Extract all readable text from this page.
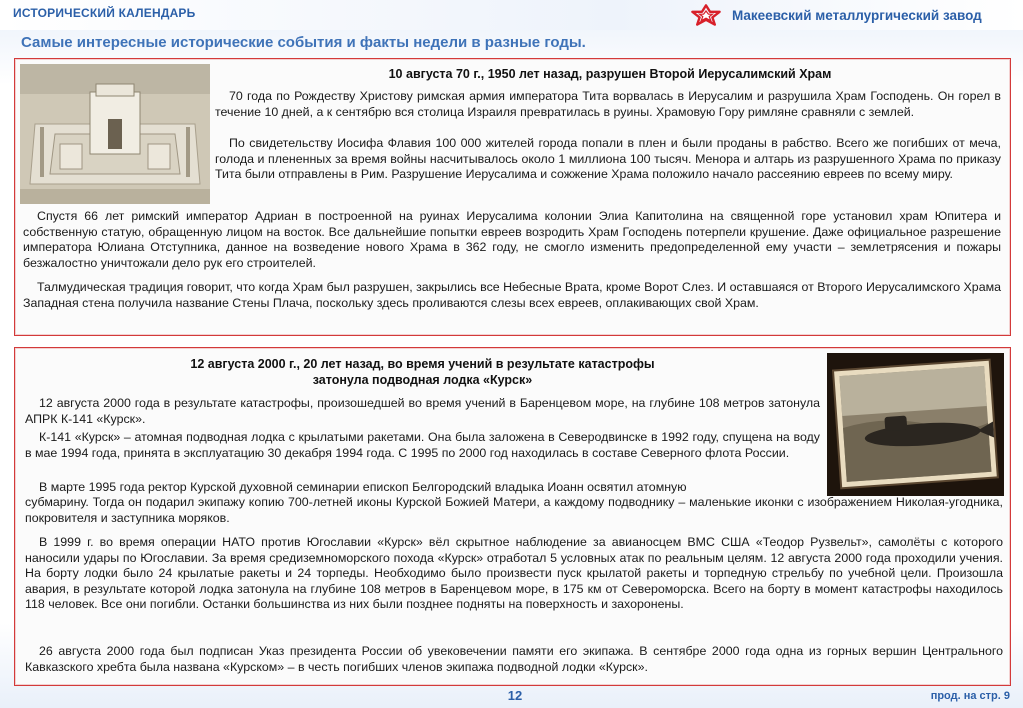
ИСТОРИЧЕСКИЙ КАЛЕНДАРЬ	Макеевский металлургический завод
Самые интересные исторические события и факты недели в разные годы.
10 августа 70 г., 1950 лет назад, разрушен Второй Иерусалимский Храм

70 года по Рождеству Христову римская армия императора Тита ворвалась в Иерусалим и разрушила Храм Господень. Он горел в течение 10 дней, а к сентябрю вся столица Израиля превратилась в руины. Храмовую Гору римляне сравняли с землей.

По свидетельству Иосифа Флавия 100 000 жителей города попали в плен и были проданы в рабство. Всего же погибших от меча, голода и плененных за время войны насчитывалось около 1 миллиона 100 тысяч. Менора и алтарь из разрушенного Храма по приказу Тита были отправлены в Рим. Разрушение Иерусалима и сожжение Храма положило начало рассеянию евреев по всему миру.

Спустя 66 лет римский император Адриан в построенной на руинах Иерусалима колонии Элиа Капитолина на священной горе установил храм Юпитера и собственную статую, обращенную лицом на восток. Все дальнейшие попытки евреев возродить Храм Господень потерпели крушение. Даже официальное разрешение императора Юлиана Отступника, данное на возведение нового Храма в 362 году, не смогло изменить предопределенной ему участи – землетрясения и пожары безжалостно уничтожали дело рук его строителей.

Талмудическая традиция говорит, что когда Храм был разрушен, закрылись все Небесные Врата, кроме Ворот Слез. И оставшаяся от Второго Иерусалимского Храма Западная стена получила название Стены Плача, поскольку здесь проливаются слезы всех евреев, оплакивающих свой Храм.

12 августа 2000 г., 20 лет назад, во время учений в результате катастрофы
затонула подводная лодка «Курск»

12 августа 2000 года в результате катастрофы, произошедшей во время учений в Баренцевом море, на глубине 108 метров затонула АПРК К-141 «Курск».

К-141 «Курск» – атомная подводная лодка с крылатыми ракетами. Она была заложена в Северодвинске в 1992 году, спущена на воду в мае 1994 года, принята в эксплуатацию 30 декабря 1994 года. С 1995 по 2000 год находилась в составе Северного флота России.

В марте 1995 года ректор Курской духовной семинарии епископ Белгородский владыка Иоанн освятил атомную

субмарину. Тогда он подарил экипажу копию 700-летней иконы Курской Божией Матери, а каждому подводнику – маленькие иконки с изображением Николая-угодника, покровителя и заступника моряков.

В 1999 г. во время операции НАТО против Югославии «Курск» вёл скрытное наблюдение за авианосцем ВМС США «Теодор Рузвельт», самолёты с которого наносили удары по Югославии. За время средиземноморского похода «Курск» отработал 5 условных атак по реальным целям. 12 августа 2000 года проходили учения. На борту лодки было 24 крылатые ракеты и 24 торпеды. Необходимо было произвести пуск крылатой ракеты и торпедную стрельбу по учебной цели. Произошла авария, в результате которой лодка затонула на глубине 108 метров в Баренцевом море, в 175 км от Североморска. Всего на борту в момент катастрофы находилось 118 человек. Все они погибли. Останки большинства из них были позднее подняты на поверхность и захоронены.

26 августа 2000 года был подписан Указ президента России об увековечении памяти его экипажа. В сентябре 2000 года одна из горных вершин Центрального Кавказского хребта была названа «Курском» – в честь погибших членов экипажа подводной лодки «Курск».

12	прод. на стр. 9
